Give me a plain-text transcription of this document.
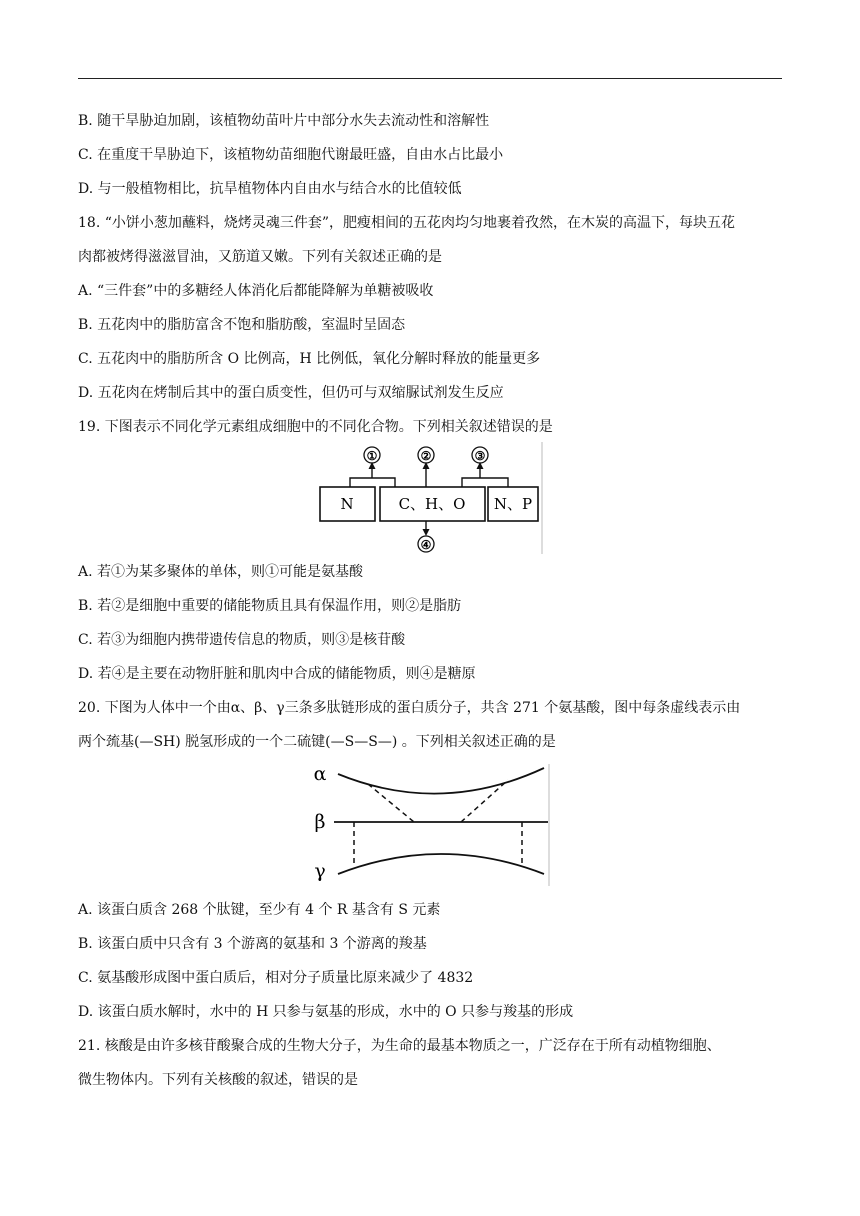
B. 随干旱胁迫加剧，该植物幼苗叶片中部分水失去流动性和溶解性
C. 在重度干旱胁迫下，该植物幼苗细胞代谢最旺盛，自由水占比最小
D. 与一般植物相比，抗旱植物体内自由水与结合水的比值较低
18. “小饼小葱加蘸料，烧烤灵魂三件套”，肥瘦相间的五花肉均匀地裹着孜然，在木炭的高温下，每块五花
肉都被烤得滋滋冒油，又筋道又嫩。下列有关叙述正确的是
A. “三件套”中的多糖经人体消化后都能降解为单糖被吸收
B. 五花肉中的脂肪富含不饱和脂肪酸，室温时呈固态
C. 五花肉中的脂肪所含 O 比例高，H 比例低，氧化分解时释放的能量更多
D. 五花肉在烤制后其中的蛋白质变性，但仍可与双缩脲试剂发生反应
19. 下图表示不同化学元素组成细胞中的不同化合物。下列相关叙述错误的是
N	C、H、O N、P
①	②	③
④
A. 若①为某多聚体的单体，则①可能是氨基酸
B. 若②是细胞中重要的储能物质且具有保温作用，则②是脂肪
C. 若③为细胞内携带遗传信息的物质，则③是核苷酸
D. 若④是主要在动物肝脏和肌肉中合成的储能物质，则④是糖原
20. 下图为人体中一个由α、β、γ三条多肽链形成的蛋白质分子，共含 271 个氨基酸，图中每条虚线表示由
两个巯基(—SH) 脱氢形成的一个二硫键(—S—S—) 。下列相关叙述正确的是
α
β
γ
A. 该蛋白质含 268 个肽键，至少有 4 个 R 基含有 S 元素
B. 该蛋白质中只含有 3 个游离的氨基和 3 个游离的羧基
C. 氨基酸形成图中蛋白质后，相对分子质量比原来减少了 4832
D. 该蛋白质水解时，水中的 H 只参与氨基的形成，水中的 O 只参与羧基的形成
21. 核酸是由许多核苷酸聚合成的生物大分子，为生命的最基本物质之一，广泛存在于所有动植物细胞、
微生物体内。下列有关核酸的叙述，错误的是
